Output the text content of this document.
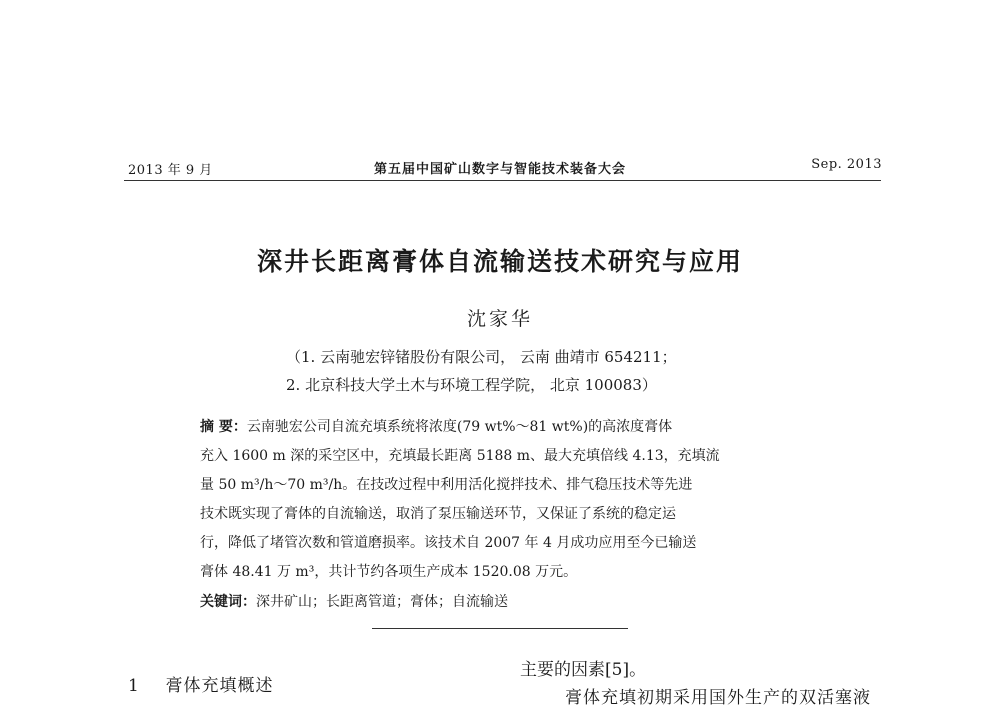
2013 年 9 月	第五届中国矿山数字与智能技术装备大会	Sep. 2013
深井长距离膏体自流输送技术研究与应用
沈家华
（1. 云南驰宏锌锗股份有限公司， 云南 曲靖市 654211；
2. 北京科技大学土木与环境工程学院， 北京 100083）
摘 要：云南驰宏公司自流充填系统将浓度(79 wt%～81 wt%)的高浓度膏体
充入 1600 m 深的采空区中，充填最长距离 5188 m、最大充填倍线 4.13，充填流
量 50 m³/h～70 m³/h。在技改过程中利用活化搅拌技术、排气稳压技术等先进
技术既实现了膏体的自流输送，取消了泵压输送环节，又保证了系统的稳定运
行，降低了堵管次数和管道磨损率。该技术自 2007 年 4 月成功应用至今已输送
膏体 48.41 万 m³，共计节约各项生产成本 1520.08 万元。
关键词：深井矿山；长距离管道；膏体；自流输送
1 膏体充填概述
主要的因素[5]。
膏体充填初期采用国外生产的双活塞液
